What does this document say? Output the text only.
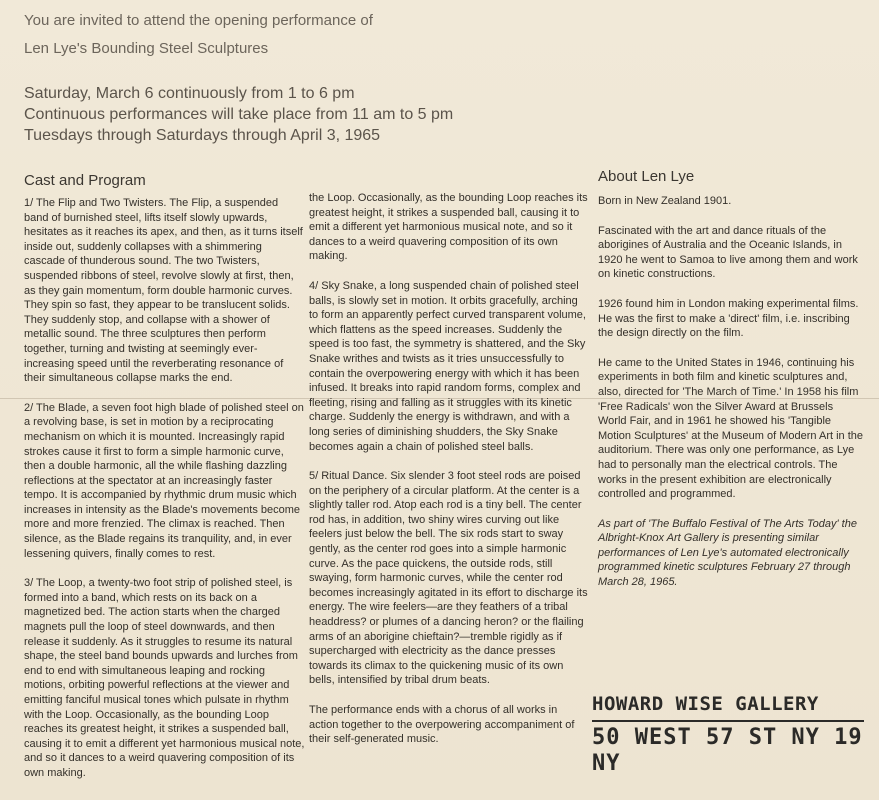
You are invited to attend the opening performance of
Len Lye's Bounding Steel Sculptures
Saturday, March 6 continuously from 1 to 6 pm
Continuous performances will take place from 11 am to 5 pm
Tuesdays through Saturdays through April 3, 1965
Cast and Program

1/ The Flip and Two Twisters. The Flip, a suspended band of burnished steel, lifts itself slowly upwards, hesitates as it reaches its apex, and then, as it turns itself inside out, suddenly collapses with a shimmering cascade of thunderous sound. The two Twisters, suspended ribbons of steel, revolve slowly at first, then, as they gain momentum, form double harmonic curves. They spin so fast, they appear to be translucent solids. They suddenly stop, and collapse with a shower of metallic sound. The three sculptures then perform together, turning and twisting at seemingly ever-increasing speed until the reverberating resonance of their simultaneous collapse marks the end.

2/ The Blade, a seven foot high blade of polished steel on a revolving base, is set in motion by a reciprocating mechanism on which it is mounted. Increasingly rapid strokes cause it first to form a simple harmonic curve, then a double harmonic, all the while flashing dazzling reflections at the spectator at an increasingly faster tempo. It is accompanied by rhythmic drum music which increases in intensity as the Blade's movements become more and more frenzied. The climax is reached. Then silence, as the Blade regains its tranquility, and, in ever lessening quivers, finally comes to rest.

3/ The Loop, a twenty-two foot strip of polished steel, is formed into a band, which rests on its back on a magnetized bed. The action starts when the charged magnets pull the loop of steel downwards, and then release it suddenly. As it struggles to resume its natural shape, the steel band bounds upwards and lurches from end to end with simultaneous leaping and rocking motions, orbiting powerful reflections at the viewer and emitting fanciful musical tones which pulsate in rhythm with the Loop. Occasionally, as the bounding Loop reaches its greatest height, it strikes a suspended ball, causing it to emit a different yet harmonious musical note, and so it dances to a weird quavering composition of its own making.

the Loop. Occasionally, as the bounding Loop reaches its greatest height, it strikes a suspended ball, causing it to emit a different yet harmonious musical note, and so it dances to a weird quavering composition of its own making.

4/ Sky Snake, a long suspended chain of polished steel balls, is slowly set in motion. It orbits gracefully, arching to form an apparently perfect curved transparent volume, which flattens as the speed increases. Suddenly the speed is too fast, the symmetry is shattered, and the Sky Snake writhes and twists as it tries unsuccessfully to contain the overpowering energy with which it has been infused. It breaks into rapid random forms, complex and fleeting, rising and falling as it struggles with its kinetic charge. Suddenly the energy is withdrawn, and with a long series of diminishing shudders, the Sky Snake becomes again a chain of polished steel balls.

5/ Ritual Dance. Six slender 3 foot steel rods are poised on the periphery of a circular platform. At the center is a slightly taller rod. Atop each rod is a tiny bell. The center rod has, in addition, two shiny wires curving out like feelers just below the bell. The six rods start to sway gently, as the center rod goes into a simple harmonic curve. As the pace quickens, the outside rods, still swaying, form harmonic curves, while the center rod becomes increasingly agitated in its effort to discharge its energy. The wire feelers—are they feathers of a tribal headdress? or plumes of a dancing heron? or the flailing arms of an aborigine chieftain?—tremble rigidly as if supercharged with electricity as the dance presses towards its climax to the quickening music of its own bells, intensified by tribal drum beats.

The performance ends with a chorus of all works in action together to the overpowering accompaniment of their self-generated music.

About Len Lye

Born in New Zealand 1901.

Fascinated with the art and dance rituals of the aborigines of Australia and the Oceanic Islands, in 1920 he went to Samoa to live among them and work on kinetic constructions.

1926 found him in London making experimental films. He was the first to make a 'direct' film, i.e. inscribing the design directly on the film.

He came to the United States in 1946, continuing his experiments in both film and kinetic sculptures and, also, directed for 'The March of Time.' In 1958 his film 'Free Radicals' won the Silver Award at Brussels World Fair, and in 1961 he showed his 'Tangible Motion Sculptures' at the Museum of Modern Art in the auditorium. There was only one performance, as Lye had to personally man the electrical controls. The works in the present exhibition are electronically controlled and programmed.

As part of 'The Buffalo Festival of The Arts Today' the Albright-Knox Art Gallery is presenting similar performances of Len Lye's automated electronically programmed kinetic sculptures February 27 through March 28, 1965.

HOWARD WISE GALLERY
50 WEST 57 ST NY 19 NY
